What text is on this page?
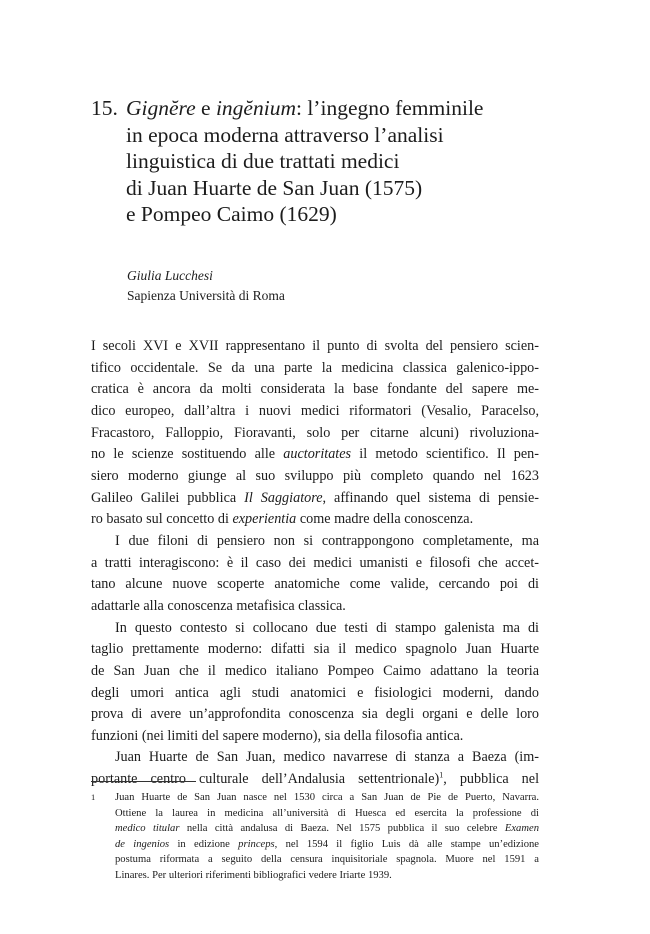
15. Gignĕre e ingĕnium: l’ingegno femminile
in epoca moderna attraverso l’analisi
linguistica di due trattati medici
di Juan Huarte de San Juan (1575)
e Pompeo Caimo (1629)
Giulia Lucchesi
Sapienza Università di Roma
I secoli XVI e XVII rappresentano il punto di svolta del pensiero scien-
tifico occidentale. Se da una parte la medicina classica galenico-ippo-
cratica è ancora da molti considerata la base fondante del sapere me-
dico europeo, dall’altra i nuovi medici riformatori (Vesalio, Paracelso,
Fracastoro, Falloppio, Fioravanti, solo per citarne alcuni) rivoluziona-
no le scienze sostituendo alle auctoritates il metodo scientifico. Il pen-
siero moderno giunge al suo sviluppo più completo quando nel 1623
Galileo Galilei pubblica Il Saggiatore, affinando quel sistema di pensie-
ro basato sul concetto di experientia come madre della conoscenza.
I due filoni di pensiero non si contrappongono completamente, ma
a tratti interagiscono: è il caso dei medici umanisti e filosofi che accet-
tano alcune nuove scoperte anatomiche come valide, cercando poi di
adattarle alla conoscenza metafisica classica.
In questo contesto si collocano due testi di stampo galenista ma di
taglio prettamente moderno: difatti sia il medico spagnolo Juan Huarte
de San Juan che il medico italiano Pompeo Caimo adattano la teoria
degli umori antica agli studi anatomici e fisiologici moderni, dando
prova di avere un’approfondita conoscenza sia degli organi e delle loro
funzioni (nei limiti del sapere moderno), sia della filosofia antica.
Juan Huarte de San Juan, medico navarrese di stanza a Baeza (im-
portante centro culturale dell’Andalusia settentrionale)$^1$, pubblica nel
1 Juan Huarte de San Juan nasce nel 1530 circa a San Juan de Pie de Puerto, Navarra.
Ottiene la laurea in medicina all’università di Huesca ed esercita la professione di
medico titular nella città andalusa di Baeza. Nel 1575 pubblica il suo celebre Examen
de ingenios in edizione princeps, nel 1594 il figlio Luis dà alle stampe un’edizione
postuma riformata a seguito della censura inquisitoriale spagnola. Muore nel 1591 a
Linares. Per ulteriori riferimenti bibliografici vedere Iriarte 1939.
